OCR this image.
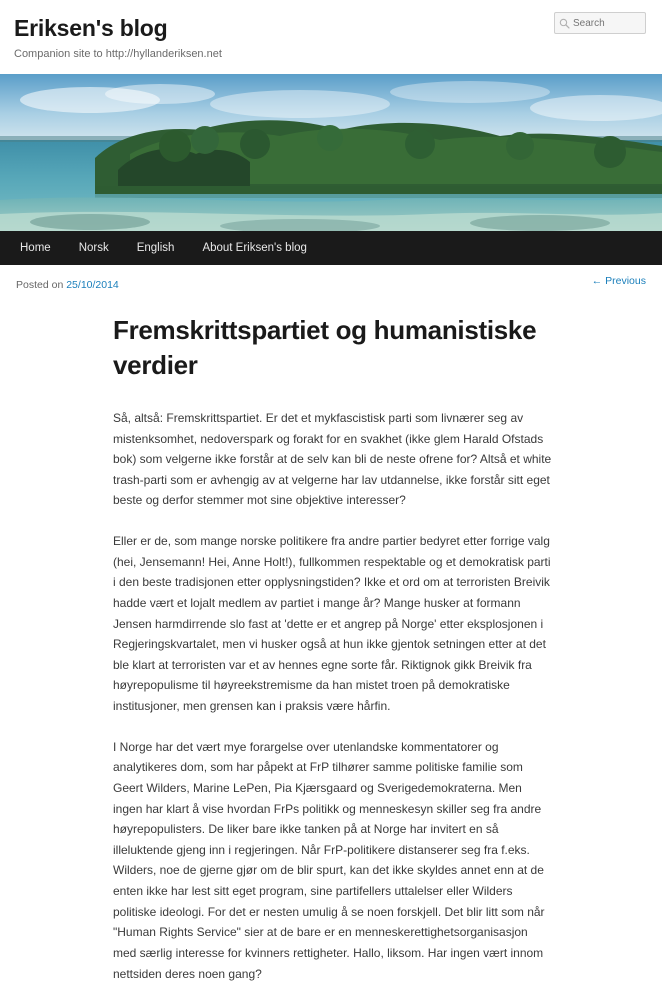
Eriksen's blog

Companion site to http://hyllanderiksen.net

Search
Home	Norsk	English	About Eriksen's blog
Posted on 25/10/2014	← Previous
Fremskrittspartiet og humanistiske verdier

Så, altså: Fremskrittspartiet. Er det et mykfascistisk parti som livnærer seg av mistenksomhet, nedoverspark og forakt for en svakhet (ikke glem Harald Ofstads bok) som velgerne ikke forstår at de selv kan bli de neste ofrene for? Altså et white trash-parti som er avhengig av at velgerne har lav utdannelse, ikke forstår sitt eget beste og derfor stemmer mot sine objektive interesser?

Eller er de, som mange norske politikere fra andre partier bedyret etter forrige valg (hei, Jensemann! Hei, Anne Holt!), fullkommen respektable og et demokratisk parti i den beste tradisjonen etter opplysningstiden? Ikke et ord om at terroristen Breivik hadde vært et lojalt medlem av partiet i mange år? Mange husker at formann Jensen harmdirrende slo fast at 'dette er et angrep på Norge' etter eksplosjonen i Regjeringskvartalet, men vi husker også at hun ikke gjentok setningen etter at det ble klart at terroristen var et av hennes egne sorte får. Riktignok gikk Breivik fra høyrepopulisme til høyreekstremisme da han mistet troen på demokratiske institusjoner, men grensen kan i praksis være hårfin.

I Norge har det vært mye forargelse over utenlandske kommentatorer og analytikeres dom, som har påpekt at FrP tilhører samme politiske familie som Geert Wilders, Marine LePen, Pia Kjærsgaard og Sverigedemokraterna. Men ingen har klart å vise hvordan FrPs politikk og menneskesyn skiller seg fra andre høyrepopulisters. De liker bare ikke tanken på at Norge har invitert en så illeluktende gjeng inn i regjeringen. Når FrP-politikere distanserer seg fra f.eks. Wilders, noe de gjerne gjør om de blir spurt, kan det ikke skyldes annet enn at de enten ikke har lest sitt eget program, sine partifellers uttalelser eller Wilders politiske ideologi. For det er nesten umulig å se noen forskjell. Det blir litt som når "Human Rights Service" sier at de bare er en menneskerettighetsorganisasjon med særlig interesse for kvinners rettigheter. Hallo, liksom. Har ingen vært innom nettsiden deres noen gang?
